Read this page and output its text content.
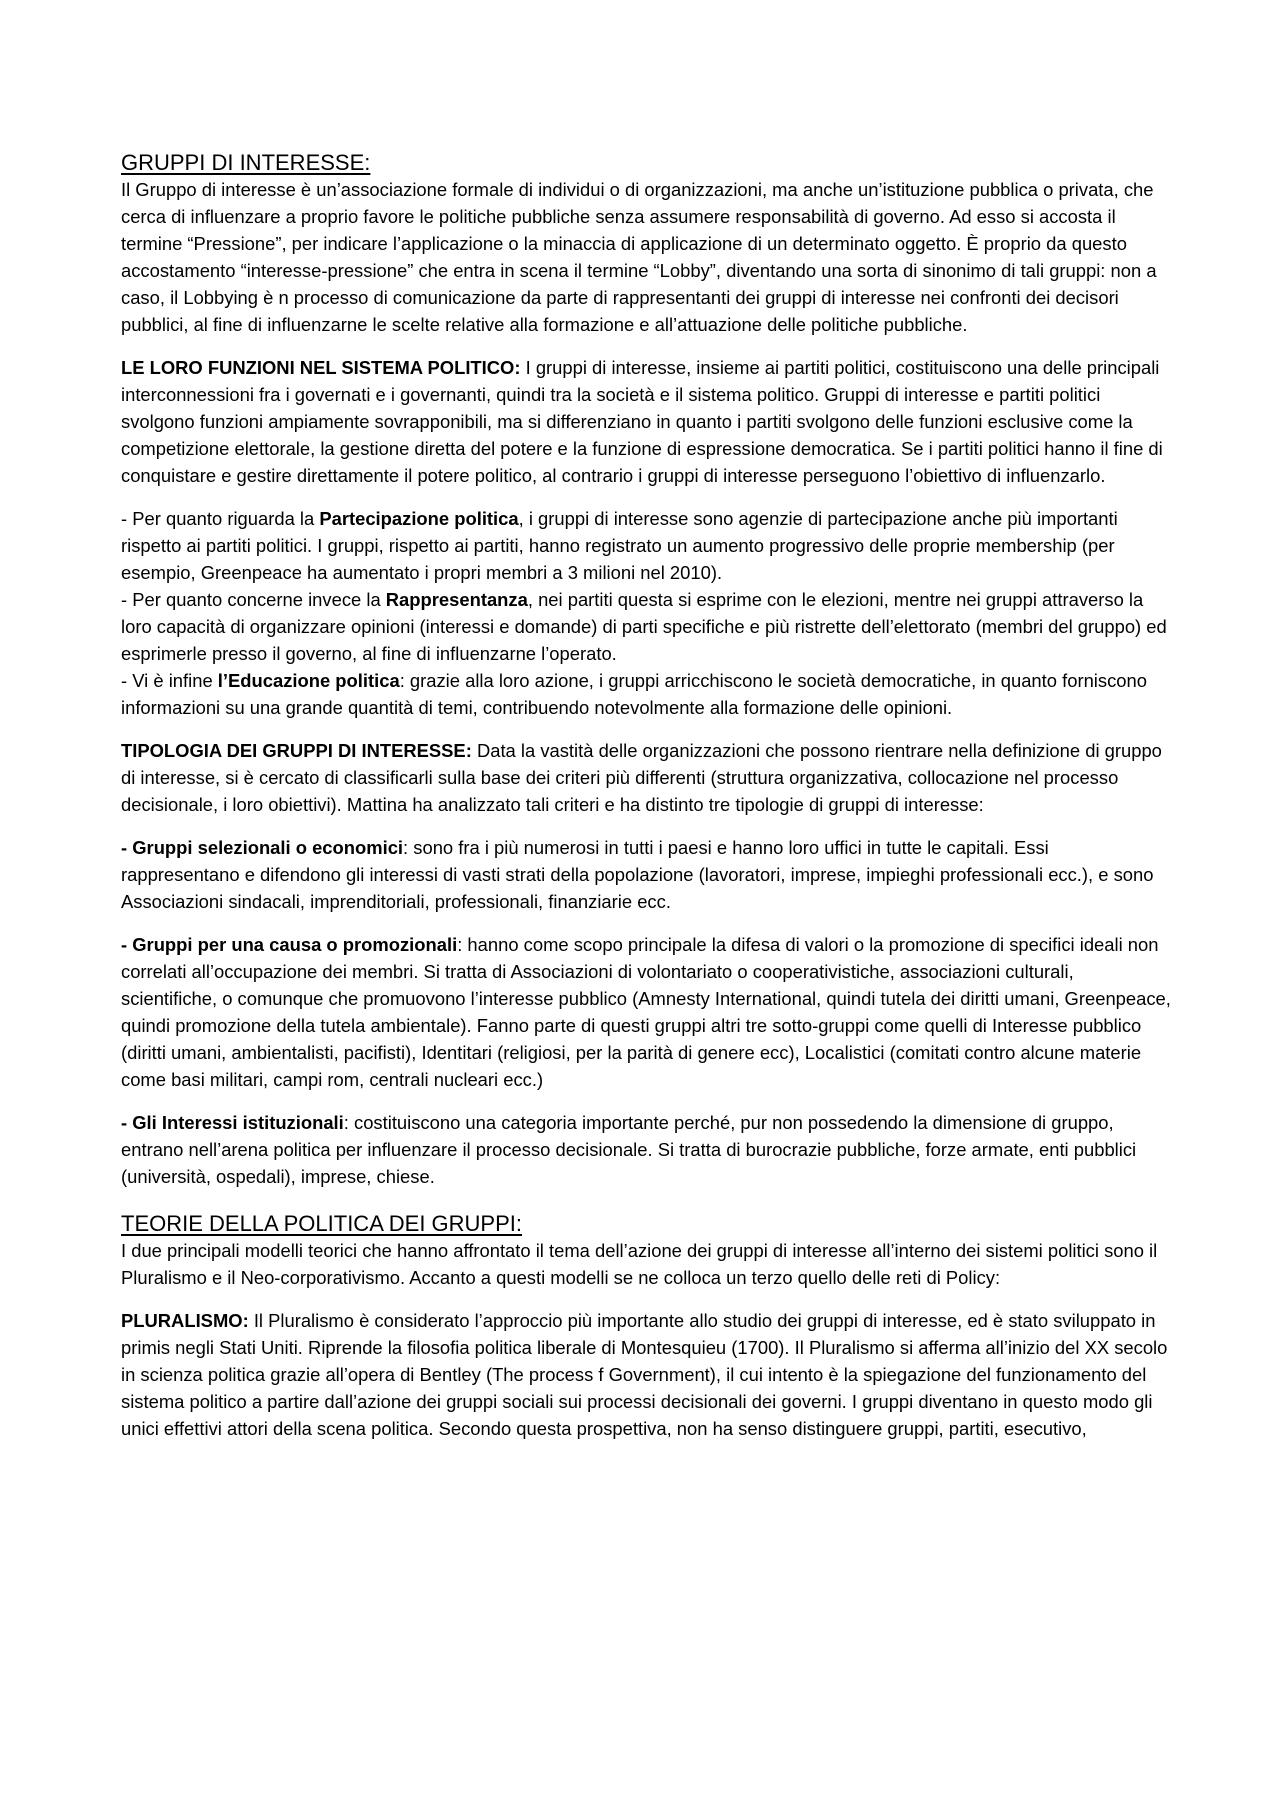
GRUPPI DI INTERESSE:

Il Gruppo di interesse è un’associazione formale di individui o di organizzazioni, ma anche un’istituzione pubblica o privata, che cerca di influenzare a proprio favore le politiche pubbliche senza assumere responsabilità di governo. Ad esso si accosta il termine “Pressione”, per indicare l’applicazione o la minaccia di applicazione di un determinato oggetto. È proprio da questo accostamento “interesse-pressione” che entra in scena il termine “Lobby”, diventando una sorta di sinonimo di tali gruppi: non a caso, il Lobbying è n processo di comunicazione da parte di rappresentanti dei gruppi di interesse nei confronti dei decisori pubblici, al fine di influenzarne le scelte relative alla formazione e all’attuazione delle politiche pubbliche.

LE LORO FUNZIONI NEL SISTEMA POLITICO: I gruppi di interesse, insieme ai partiti politici, costituiscono una delle principali interconnessioni fra i governati e i governanti, quindi tra la società e il sistema politico. Gruppi di interesse e partiti politici svolgono funzioni ampiamente sovrapponibili, ma si differenziano in quanto i partiti svolgono delle funzioni esclusive come la competizione elettorale, la gestione diretta del potere e la funzione di espressione democratica. Se i partiti politici hanno il fine di conquistare e gestire direttamente il potere politico, al contrario i gruppi di interesse perseguono l’obiettivo di influenzarlo.

- Per quanto riguarda la Partecipazione politica, i gruppi di interesse sono agenzie di partecipazione anche più importanti rispetto ai partiti politici. I gruppi, rispetto ai partiti, hanno registrato un aumento progressivo delle proprie membership (per esempio, Greenpeace ha aumentato i propri membri a 3 milioni nel 2010).

- Per quanto concerne invece la Rappresentanza, nei partiti questa si esprime con le elezioni, mentre nei gruppi attraverso la loro capacità di organizzare opinioni (interessi e domande) di parti specifiche e più ristrette dell’elettorato (membri del gruppo) ed esprimerle presso il governo, al fine di influenzarne l’operato.

- Vi è infine l’Educazione politica: grazie alla loro azione, i gruppi arricchiscono le società democratiche, in quanto forniscono informazioni su una grande quantità di temi, contribuendo notevolmente alla formazione delle opinioni.

TIPOLOGIA DEI GRUPPI DI INTERESSE: Data la vastità delle organizzazioni che possono rientrare nella definizione di gruppo di interesse, si è cercato di classificarli sulla base dei criteri più differenti (struttura organizzativa, collocazione nel processo decisionale, i loro obiettivi). Mattina ha analizzato tali criteri e ha distinto tre tipologie di gruppi di interesse:

- Gruppi selezionali o economici: sono fra i più numerosi in tutti i paesi e hanno loro uffici in tutte le capitali. Essi rappresentano e difendono gli interessi di vasti strati della popolazione (lavoratori, imprese, impieghi professionali ecc.), e sono Associazioni sindacali, imprenditoriali, professionali, finanziarie ecc.

- Gruppi per una causa o promozionali: hanno come scopo principale la difesa di valori o la promozione di specifici ideali non correlati all’occupazione dei membri. Si tratta di Associazioni di volontariato o cooperativistiche, associazioni culturali, scientifiche, o comunque che promuovono l’interesse pubblico (Amnesty International, quindi tutela dei diritti umani, Greenpeace, quindi promozione della tutela ambientale). Fanno parte di questi gruppi altri tre sotto-gruppi come quelli di Interesse pubblico (diritti umani, ambientalisti, pacifisti), Identitari (religiosi, per la parità di genere ecc), Localistici (comitati contro alcune materie come basi militari, campi rom, centrali nucleari ecc.)

- Gli Interessi istituzionali: costituiscono una categoria importante perché, pur non possedendo la dimensione di gruppo, entrano nell’arena politica per influenzare il processo decisionale. Si tratta di burocrazie pubbliche, forze armate, enti pubblici (università, ospedali), imprese, chiese.

TEORIE DELLA POLITICA DEI GRUPPI:

I due principali modelli teorici che hanno affrontato il tema dell’azione dei gruppi di interesse all’interno dei sistemi politici sono il Pluralismo e il Neo-corporativismo. Accanto a questi modelli se ne colloca un terzo quello delle reti di Policy:

PLURALISMO: Il Pluralismo è considerato l’approccio più importante allo studio dei gruppi di interesse, ed è stato sviluppato in primis negli Stati Uniti. Riprende la filosofia politica liberale di Montesquieu (1700). Il Pluralismo si afferma all’inizio del XX secolo in scienza politica grazie all’opera di Bentley (The process f Government), il cui intento è la spiegazione del funzionamento del sistema politico a partire dall’azione dei gruppi sociali sui processi decisionali dei governi. I gruppi diventano in questo modo gli unici effettivi attori della scena politica. Secondo questa prospettiva, non ha senso distinguere gruppi, partiti, esecutivo,
